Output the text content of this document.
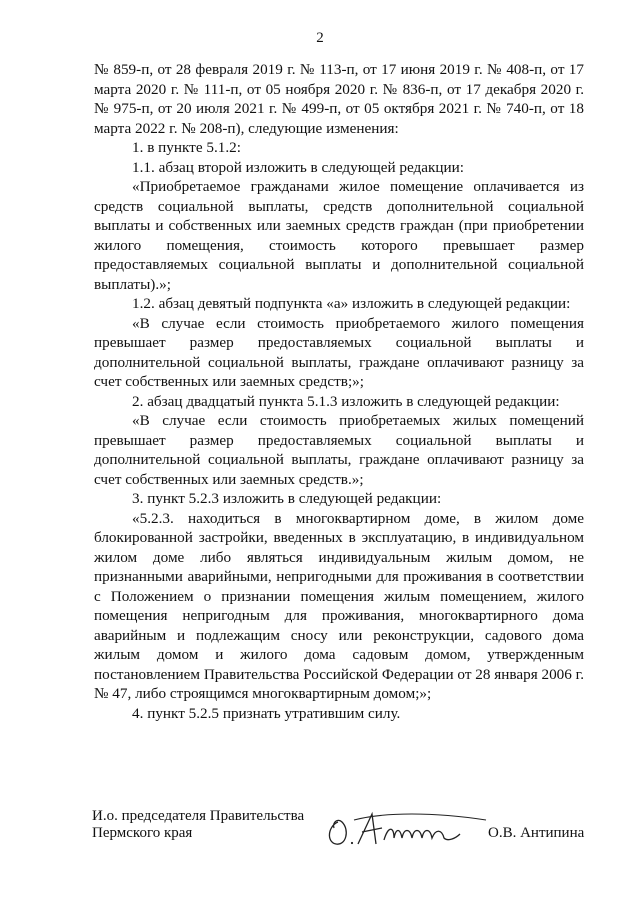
2

№ 859-п, от 28 февраля 2019 г. № 113-п, от 17 июня 2019 г. № 408-п, от 17 марта 2020 г. № 111-п, от 05 ноября 2020 г. № 836-п, от 17 декабря 2020 г. № 975-п, от 20 июля 2021 г. № 499-п, от 05 октября 2021 г. № 740-п, от 18 марта 2022 г. № 208-п), следующие изменения:

1. в пункте 5.1.2:

1.1. абзац второй изложить в следующей редакции:

«Приобретаемое гражданами жилое помещение оплачивается из средств социальной выплаты, средств дополнительной социальной выплаты и собственных или заемных средств граждан (при приобретении жилого помещения, стоимость которого превышает размер предоставляемых социальной выплаты и дополнительной социальной выплаты).»;

1.2. абзац девятый подпункта «а» изложить в следующей редакции:

«В случае если стоимость приобретаемого жилого помещения превышает размер предоставляемых социальной выплаты и дополнительной социальной выплаты, граждане оплачивают разницу за счет собственных или заемных средств;»;

2. абзац двадцатый пункта 5.1.3 изложить в следующей редакции:

«В случае если стоимость приобретаемых жилых помещений превышает размер предоставляемых социальной выплаты и дополнительной социальной выплаты, граждане оплачивают разницу за счет собственных или заемных средств.»;

3. пункт 5.2.3 изложить в следующей редакции:

«5.2.3. находиться в многоквартирном доме, в жилом доме блокированной застройки, введенных в эксплуатацию, в индивидуальном жилом доме либо являться индивидуальным жилым домом, не признанными аварийными, непригодными для проживания в соответствии с Положением о признании помещения жилым помещением, жилого помещения непригодным для проживания, многоквартирного дома аварийным и подлежащим сносу или реконструкции, садового дома жилым домом и жилого дома садовым домом, утвержденным постановлением Правительства Российской Федерации от 28 января 2006 г. № 47, либо строящимся многоквартирным домом;»;

4. пункт 5.2.5 признать утратившим силу.

И.о. председателя Правительства
Пермского края	О.В. Антипина
